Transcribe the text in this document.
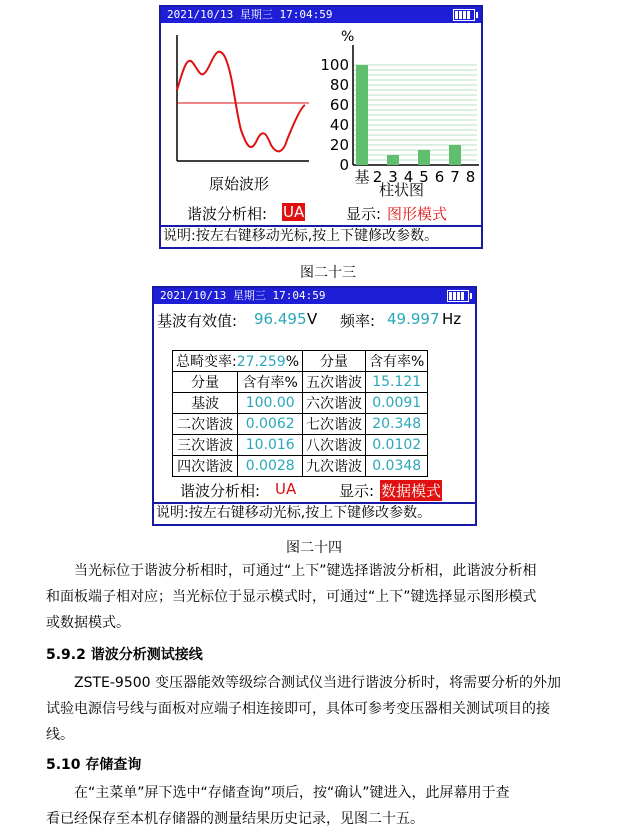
2021/10/13 星期三 17:04:59
原始波形
%
100
80
60
40
20
0
基 2 3 4 5 6 7 8
柱状图
谐波分析相: UA	显示: 图形模式
说明:按左右键移动光标,按上下键修改参数。
图二十三
2021/10/13 星期三 17:04:59
基波有效值: 96.495 V 频率: 49.997 Hz
总畸变率:27.259%		分量	含有率%
分量	含有率%	五次谐波	15.121
基波	100.00	六次谐波	0.0091
二次谐波	0.0062	七次谐波	20.348
三次谐波	10.016	八次谐波	0.0102
四次谐波	0.0028	九次谐波	0.0348
谐波分析相: UA	显示: 数据模式
说明:按左右键移动光标,按上下键修改参数。
图二十四
当光标位于谐波分析相时，可通过“上下”键选择谐波分析相，此谐波分析相
和面板端子相对应；当光标位于显示模式时，可通过“上下”键选择显示图形模式
或数据模式。
5.9.2 谐波分析测试接线
ZSTE-9500 变压器能效等级综合测试仪当进行谐波分析时，将需要分析的外加
试验电源信号线与面板对应端子相连接即可，具体可参考变压器相关测试项目的接
线。
5.10 存储查询
在“主菜单”屏下选中“存储查询”项后，按“确认”键进入，此屏幕用于查
看已经保存至本机存储器的测量结果历史记录，见图二十五。
